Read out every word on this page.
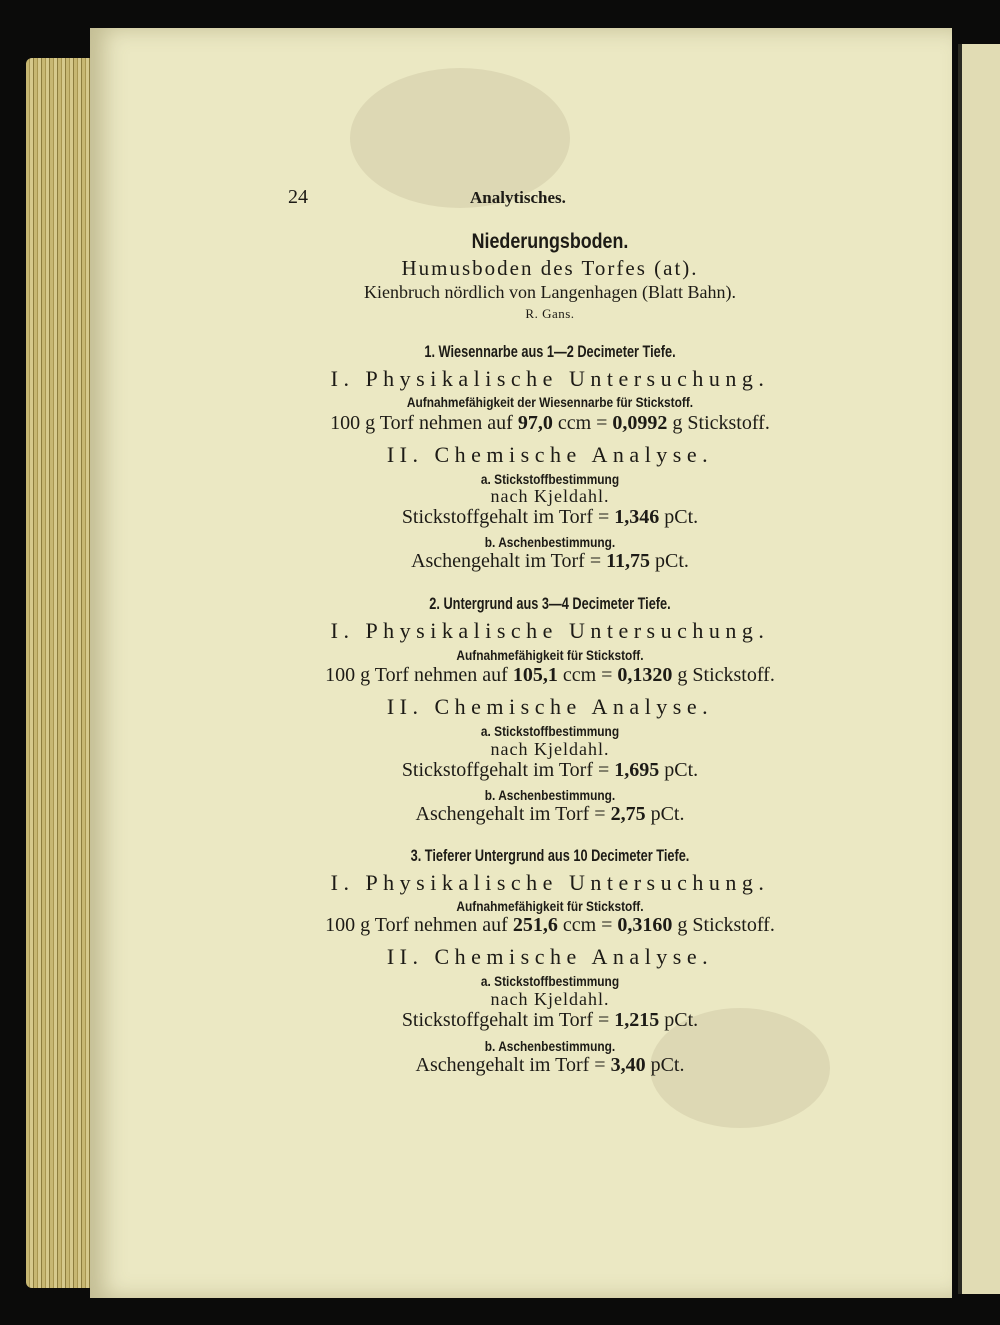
24	Analytisches.
Niederungsboden.
Humusboden des Torfes (at).
Kienbruch nördlich von Langenhagen (Blatt Bahn).
R. Gans.
1. Wiesennarbe aus 1—2 Decimeter Tiefe.
I. Physikalische Untersuchung.
Aufnahmefähigkeit der Wiesennarbe für Stickstoff.
100 g Torf nehmen auf 97,0 ccm = 0,0992 g Stickstoff.
II. Chemische Analyse.
a. Stickstoffbestimmung
nach Kjeldahl.
Stickstoffgehalt im Torf = 1,346 pCt.
b. Aschenbestimmung.
Aschengehalt im Torf = 11,75 pCt.
2. Untergrund aus 3—4 Decimeter Tiefe.
I. Physikalische Untersuchung.
Aufnahmefähigkeit für Stickstoff.
100 g Torf nehmen auf 105,1 ccm = 0,1320 g Stickstoff.
II. Chemische Analyse.
a. Stickstoffbestimmung
nach Kjeldahl.
Stickstoffgehalt im Torf = 1,695 pCt.
b. Aschenbestimmung.
Aschengehalt im Torf = 2,75 pCt.
3. Tieferer Untergrund aus 10 Decimeter Tiefe.
I. Physikalische Untersuchung.
Aufnahmefähigkeit für Stickstoff.
100 g Torf nehmen auf 251,6 ccm = 0,3160 g Stickstoff.
II. Chemische Analyse.
a. Stickstoffbestimmung
nach Kjeldahl.
Stickstoffgehalt im Torf = 1,215 pCt.
b. Aschenbestimmung.
Aschengehalt im Torf = 3,40 pCt.
